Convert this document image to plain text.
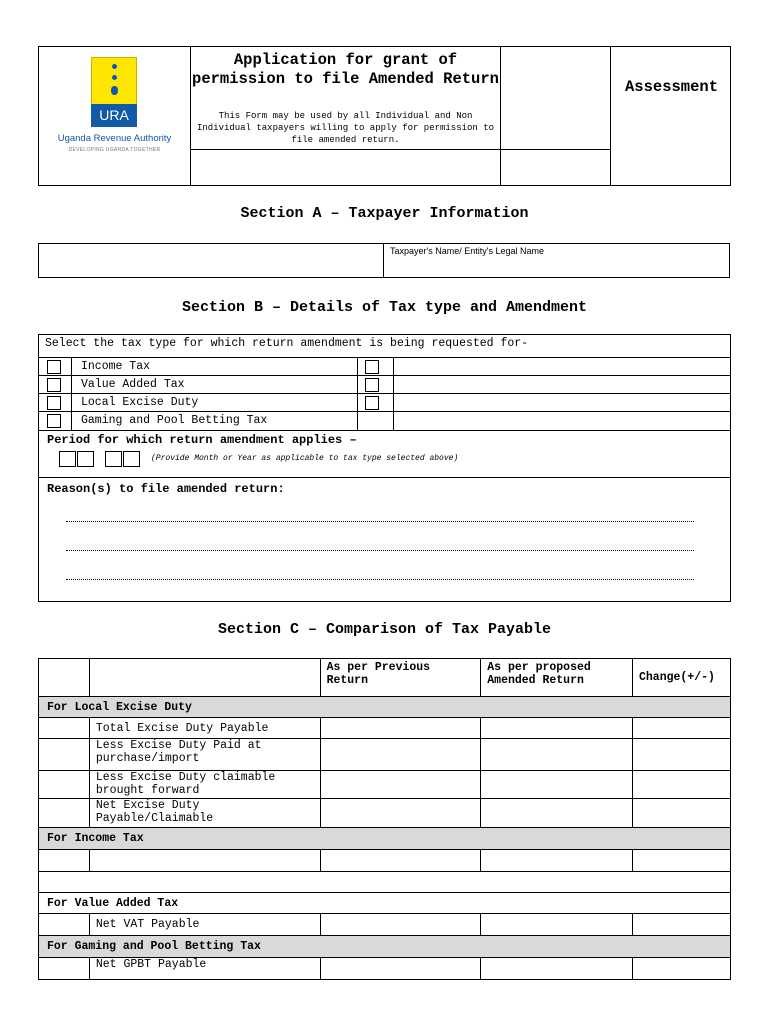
URA
Uganda Revenue Authority
DEVELOPING UGANDA TOGETHER
Application for grant of permission to file Amended Return
This Form may be used by all Individual and Non Individual taxpayers willing to apply for permission to file amended return.
Assessment
Section A – Taxpayer Information
Taxpayer's Name/ Entity's Legal Name
Section B – Details of Tax type and Amendment
Select the tax type for which return amendment is being requested for-
Income Tax
Value Added Tax
Local Excise Duty
Gaming and Pool Betting Tax
Period for which return amendment applies –
(Provide Month or Year as applicable to tax type selected above)
Reason(s) to file amended return:
Section C – Comparison of Tax Payable
		As per Previous Return	As per proposed Amended Return	Change(+/-)
For Local Excise Duty				
	Total Excise Duty Payable			
	Less Excise Duty Paid at purchase/import			
	Less Excise Duty claimable brought forward			
	Net Excise Duty Payable/Claimable			
For Income Tax				

For Value Added Tax				
	Net VAT Payable			
For Gaming and Pool Betting Tax				
	Net GPBT Payable			
